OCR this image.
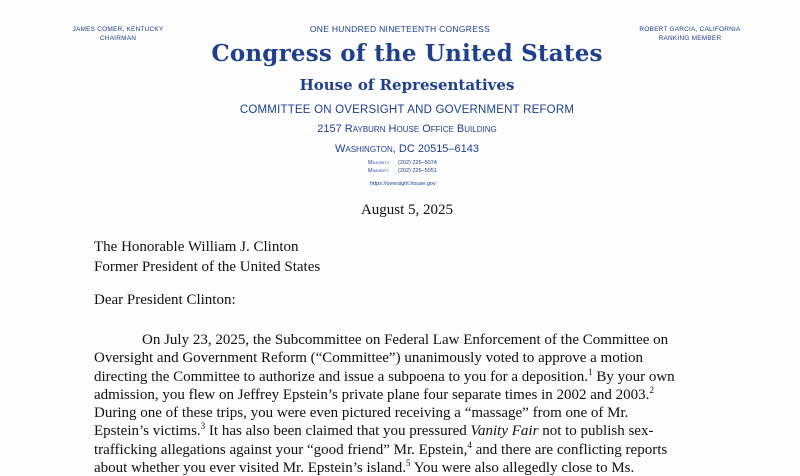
JAMES COMER, KENTUCKY
CHAIRMAN
ROBERT GARCIA, CALIFORNIA
RANKING MEMBER
ONE HUNDRED NINETEENTH CONGRESS
Congress of the United States
House of Representatives
COMMITTEE ON OVERSIGHT AND GOVERNMENT REFORM
2157 Rayburn House Office Building
Washington, DC 20515–6143
Majority (202) 225–5074
Minority (202) 225–5051
https://oversight.house.gov
August 5, 2025
The Honorable William J. Clinton
Former President of the United States
Dear President Clinton:
On July 23, 2025, the Subcommittee on Federal Law Enforcement of the Committee on
Oversight and Government Reform (“Committee”) unanimously voted to approve a motion
directing the Committee to authorize and issue a subpoena to you for a deposition.$^1$ By your own
admission, you flew on Jeffrey Epstein’s private plane four separate times in 2002 and 2003.$^2$
During one of these trips, you were even pictured receiving a “massage” from one of Mr.
Epstein’s victims.$^3$ It has also been claimed that you pressured Vanity Fair not to publish sex-
trafficking allegations against your “good friend” Mr. Epstein,$^4$ and there are conflicting reports
about whether you ever visited Mr. Epstein’s island.$^5$ You were also allegedly close to Ms.
